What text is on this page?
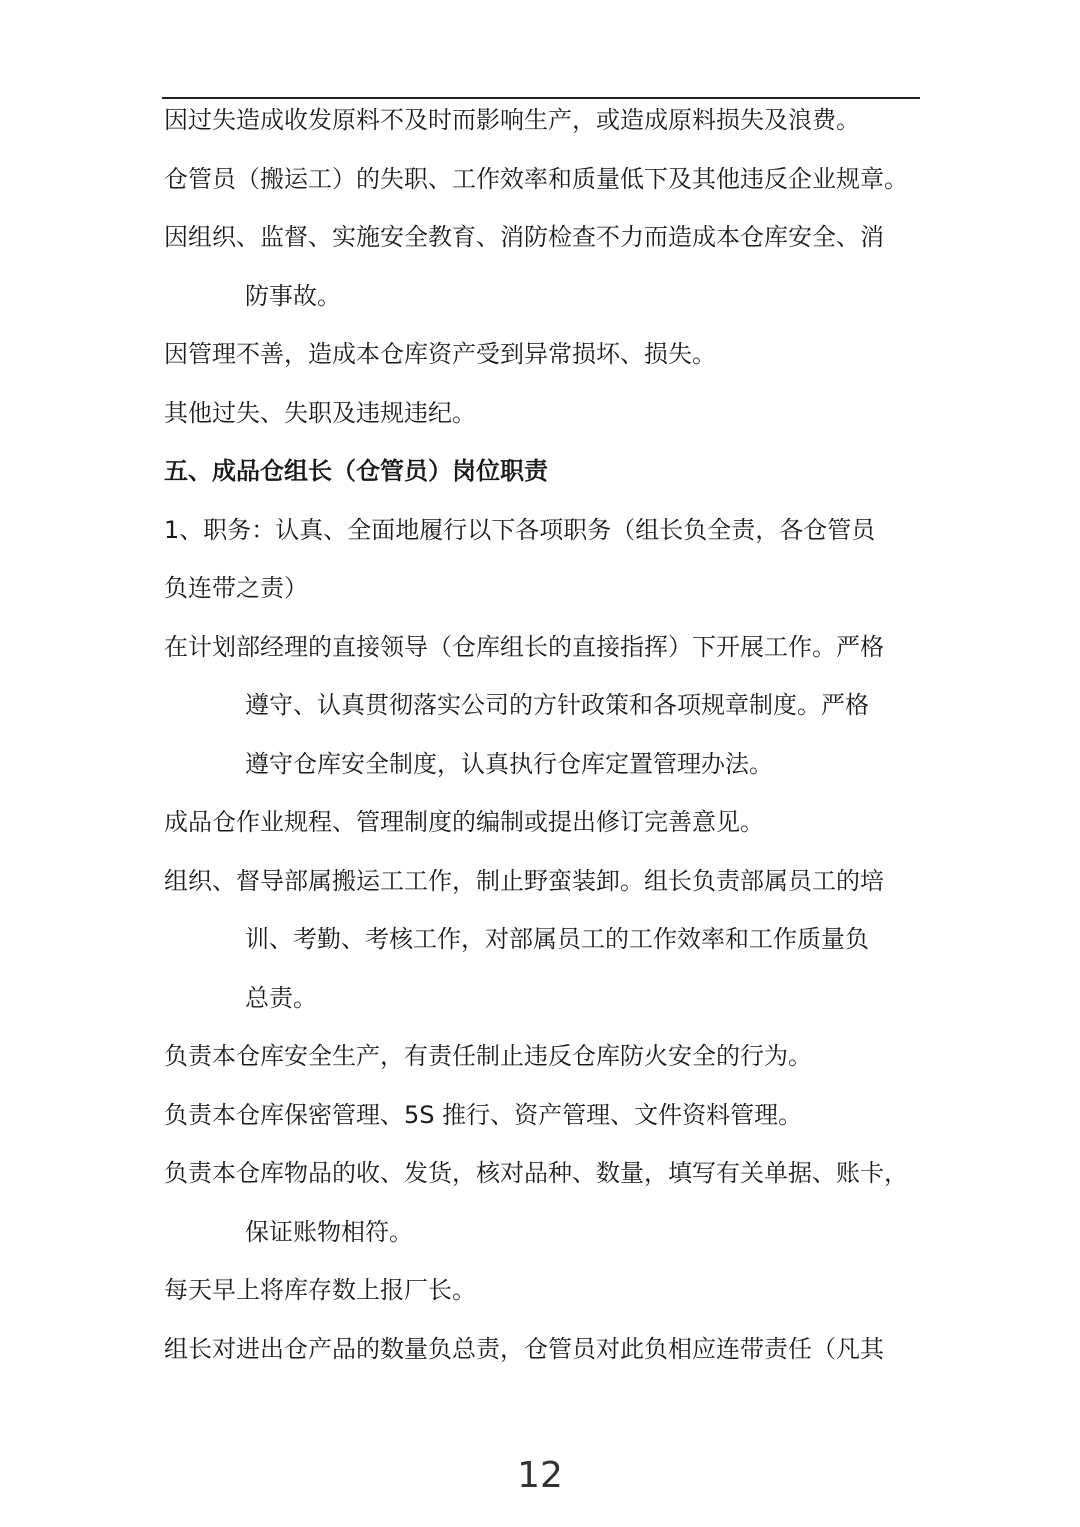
因过失造成收发原料不及时而影响生产，或造成原料损失及浪费。
仓管员（搬运工）的失职、工作效率和质量低下及其他违反企业规章。
因组织、监督、实施安全教育、消防检查不力而造成本仓库安全、消
防事故。
因管理不善，造成本仓库资产受到异常损坏、损失。
其他过失、失职及违规违纪。
五、成品仓组长（仓管员）岗位职责
1、职务：认真、全面地履行以下各项职务（组长负全责，各仓管员
负连带之责）
在计划部经理的直接领导（仓库组长的直接指挥）下开展工作。严格
遵守、认真贯彻落实公司的方针政策和各项规章制度。严格
遵守仓库安全制度，认真执行仓库定置管理办法。
成品仓作业规程、管理制度的编制或提出修订完善意见。
组织、督导部属搬运工工作，制止野蛮装卸。组长负责部属员工的培
训、考勤、考核工作，对部属员工的工作效率和工作质量负
总责。
负责本仓库安全生产，有责任制止违反仓库防火安全的行为。
负责本仓库保密管理、5S 推行、资产管理、文件资料管理。
负责本仓库物品的收、发货，核对品种、数量，填写有关单据、账卡，
保证账物相符。
每天早上将库存数上报厂长。
组长对进出仓产品的数量负总责，仓管员对此负相应连带责任（凡其
12
